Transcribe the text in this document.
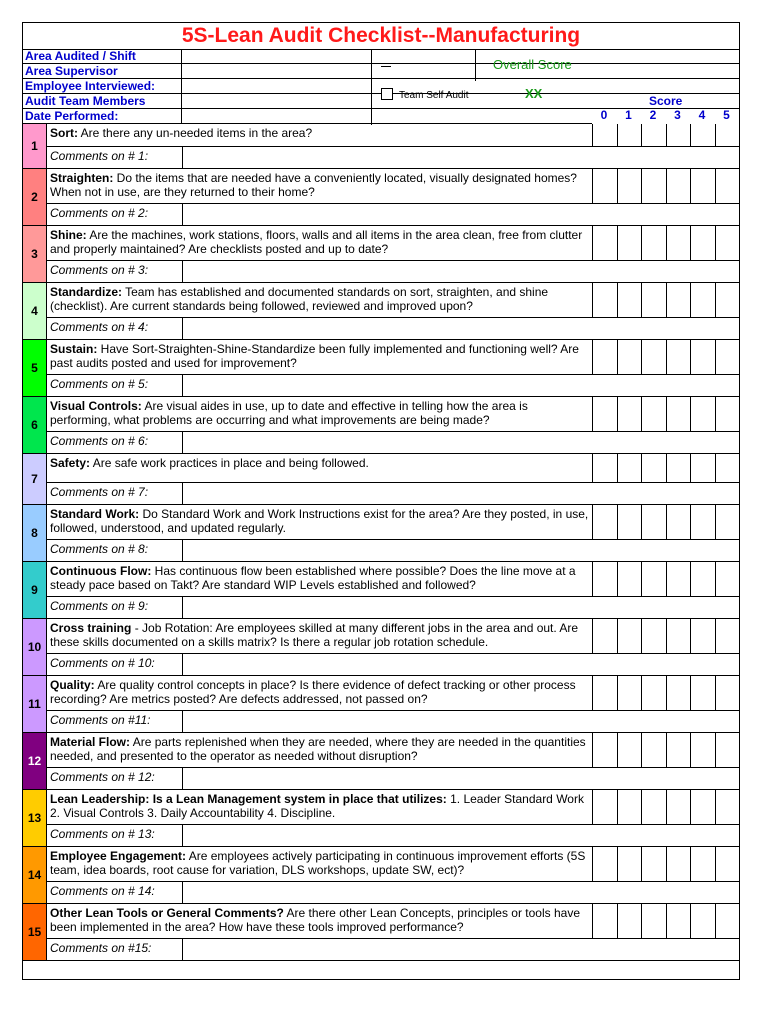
5S-Lean Audit Checklist--Manufacturing
Area Audited / Shift
Area Supervisor
Employee Interviewed:
Audit Team Members
Date Performed:
Team Self Audit
Overall Score
XX	Score
0	1	2	3	4	5
1
Sort: Are there any un-needed items in the area?
Comments on # 1:
2
Straighten: Do the items that are needed have a conveniently located, visually designated homes? When not in use, are they returned to their home?
Comments on # 2:
3
Shine: Are the machines, work stations, floors, walls and all items in the area clean, free from clutter and properly maintained? Are checklists posted and up to date?
Comments on # 3:
4
Standardize: Team has established and documented standards on sort, straighten, and shine (checklist). Are current standards being followed, reviewed and improved upon?
Comments on # 4:
5
Sustain: Have Sort-Straighten-Shine-Standardize been fully implemented and functioning well? Are past audits posted and used for improvement?
Comments on # 5:
6
Visual Controls: Are visual aides in use, up to date and effective in telling how the area is performing, what problems are occurring and what improvements are being made?
Comments on # 6:
7
Safety: Are safe work practices in place and being followed.
Comments on # 7:
8
Standard Work: Do Standard Work and Work Instructions exist for the area? Are they posted, in use, followed, understood, and updated regularly.
Comments on # 8:
9
Continuous Flow: Has continuous flow been established where possible? Does the line move at a steady pace based on Takt? Are standard WIP Levels established and followed?
Comments on # 9:
10
Cross training - Job Rotation: Are employees skilled at many different jobs in the area and out. Are these skills documented on a skills matrix? Is there a regular job rotation schedule.
Comments on # 10:
11
Quality: Are quality control concepts in place? Is there evidence of defect tracking or other process recording? Are metrics posted? Are defects addressed, not passed on?
Comments on #11:
12
Material Flow: Are parts replenished when they are needed, where they are needed in the quantities needed, and presented to the operator as needed without disruption?
Comments on # 12:
13
Lean Leadership: Is a Lean Management system in place that utilizes: 1. Leader Standard Work 2. Visual Controls 3. Daily Accountability 4. Discipline.
Comments on # 13:
14
Employee Engagement: Are employees actively participating in continuous improvement efforts (5S team, idea boards, root cause for variation, DLS workshops, update SW, ect)?
Comments on # 14:
15
Other Lean Tools or General Comments? Are there other Lean Concepts, principles or tools have been implemented in the area? How have these tools improved performance?
Comments on #15:
